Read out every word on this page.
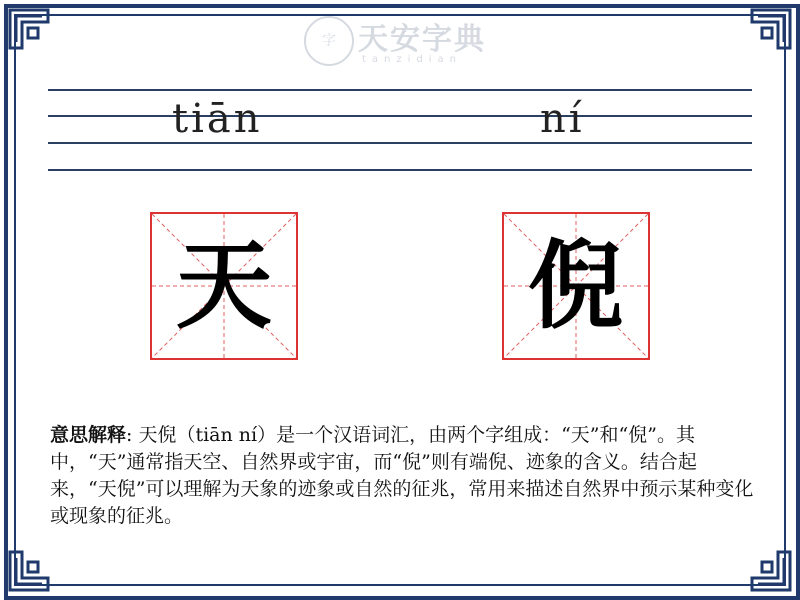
字 天安字典
tanzidian
tiān	ní
天	倪
意思解释: 天倪（tiān ní）是一个汉语词汇，由两个字组成：“天”和“倪”。其中，“天”通常指天空、自然界或宇宙，而“倪”则有端倪、迹象的含义。结合起来，“天倪”可以理解为天象的迹象或自然的征兆，常用来描述自然界中预示某种变化或现象的征兆。
